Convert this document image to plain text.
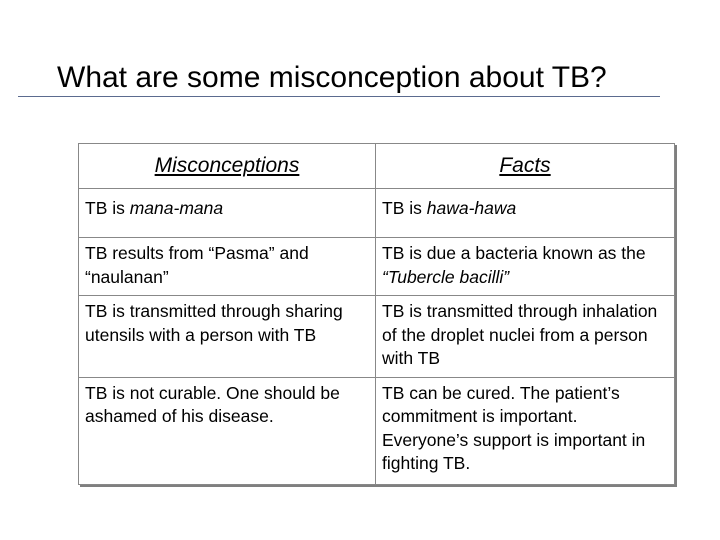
What are some misconception about TB?
Misconceptions	Facts
TB is mana-mana	TB is hawa-hawa
TB results from “Pasma” and “naulanan”	TB is due a bacteria known as the “Tubercle bacilli”
TB is transmitted through sharing utensils with a person with TB	TB is transmitted through inhalation of the droplet nuclei from a person with TB
TB is not curable. One should be ashamed of his disease.	TB can be cured. The patient’s commitment is important. Everyone’s support is important in fighting TB.
